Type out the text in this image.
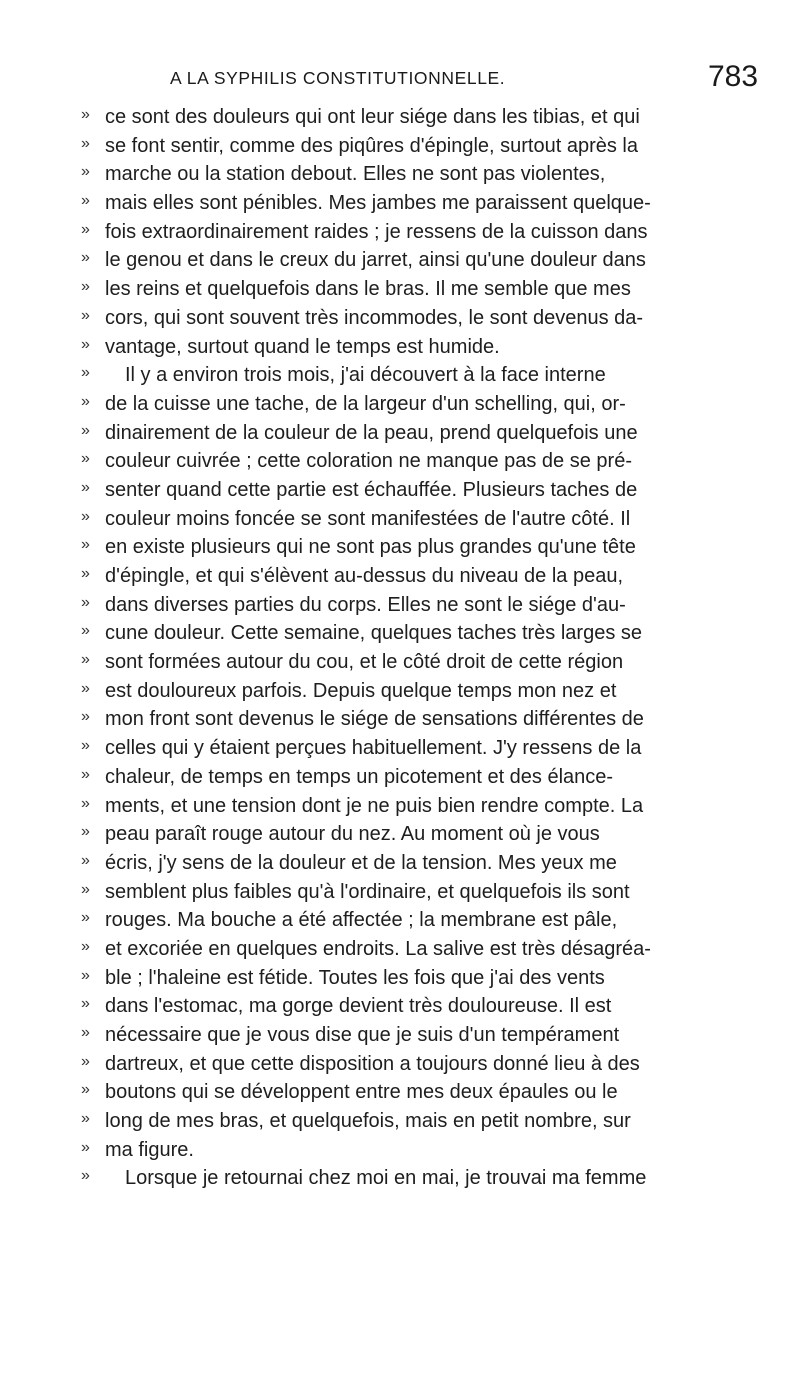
A LA SYPHILIS CONSTITUTIONNELLE.	783
» ce sont des douleurs qui ont leur siége dans les tibias, et qui
» se font sentir, comme des piqûres d'épingle, surtout après la
» marche ou la station debout. Elles ne sont pas violentes,
» mais elles sont pénibles. Mes jambes me paraissent quelque-
» fois extraordinairement raides ; je ressens de la cuisson dans
» le genou et dans le creux du jarret, ainsi qu'une douleur dans
» les reins et quelquefois dans le bras. Il me semble que mes
» cors, qui sont souvent très incommodes, le sont devenus da-
» vantage, surtout quand le temps est humide.
» Il y a environ trois mois, j'ai découvert à la face interne
» de la cuisse une tache, de la largeur d'un schelling, qui, or-
» dinairement de la couleur de la peau, prend quelquefois une
» couleur cuivrée ; cette coloration ne manque pas de se pré-
» senter quand cette partie est échauffée. Plusieurs taches de
» couleur moins foncée se sont manifestées de l'autre côté. Il
» en existe plusieurs qui ne sont pas plus grandes qu'une tête
» d'épingle, et qui s'élèvent au-dessus du niveau de la peau,
» dans diverses parties du corps. Elles ne sont le siége d'au-
» cune douleur. Cette semaine, quelques taches très larges se
» sont formées autour du cou, et le côté droit de cette région
» est douloureux parfois. Depuis quelque temps mon nez et
» mon front sont devenus le siége de sensations différentes de
» celles qui y étaient perçues habituellement. J'y ressens de la
» chaleur, de temps en temps un picotement et des élance-
» ments, et une tension dont je ne puis bien rendre compte. La
» peau paraît rouge autour du nez. Au moment où je vous
» écris, j'y sens de la douleur et de la tension. Mes yeux me
» semblent plus faibles qu'à l'ordinaire, et quelquefois ils sont
» rouges. Ma bouche a été affectée ; la membrane est pâle,
» et excoriée en quelques endroits. La salive est très désagréa-
» ble ; l'haleine est fétide. Toutes les fois que j'ai des vents
» dans l'estomac, ma gorge devient très douloureuse. Il est
» nécessaire que je vous dise que je suis d'un tempérament
» dartreux, et que cette disposition a toujours donné lieu à des
» boutons qui se développent entre mes deux épaules ou le
» long de mes bras, et quelquefois, mais en petit nombre, sur
» ma figure.
» Lorsque je retournai chez moi en mai, je trouvai ma femme
